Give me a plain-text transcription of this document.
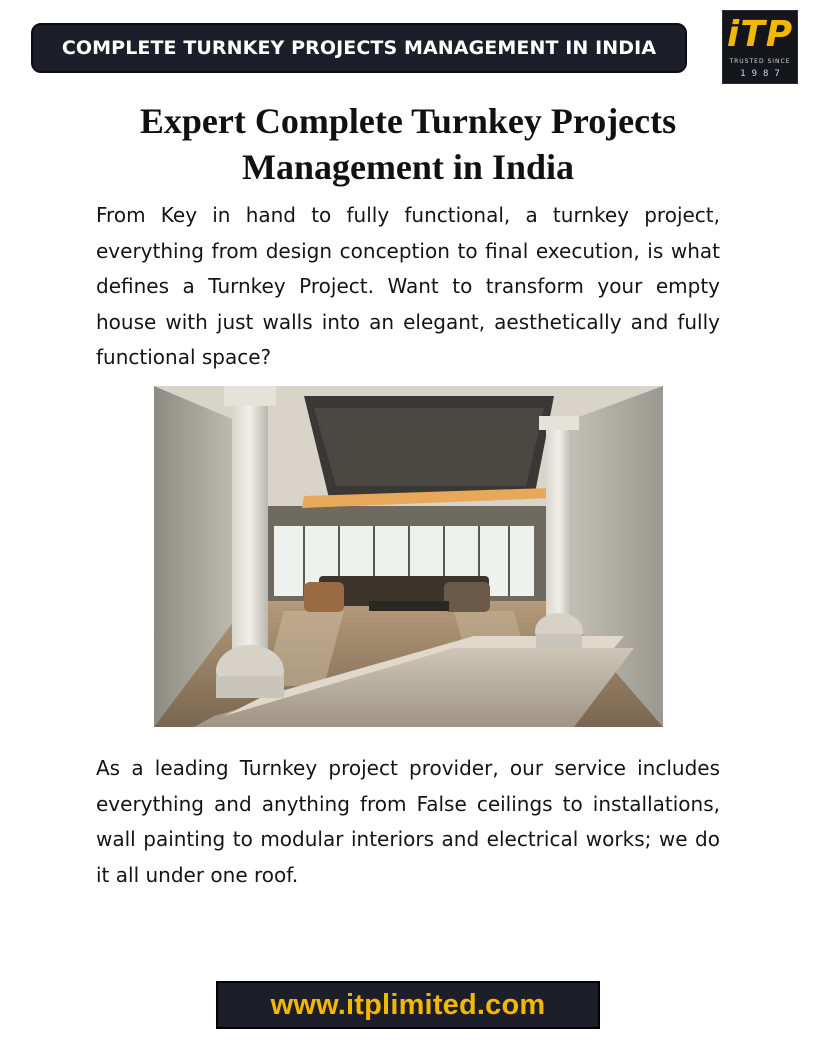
COMPLETE TURNKEY PROJECTS MANAGEMENT IN INDIA iTP
TRUSTED SINCE
1987
Expert Complete Turnkey Projects Management in India

From Key in hand to fully functional, a turnkey project, everything from design conception to final execution, is what defines a Turnkey Project. Want to transform your empty house with just walls into an elegant, aesthetically and fully functional space?

As a leading Turnkey project provider, our service includes everything and anything from False ceilings to installations, wall painting to modular interiors and electrical works; we do it all under one roof.

www.itplimited.com
